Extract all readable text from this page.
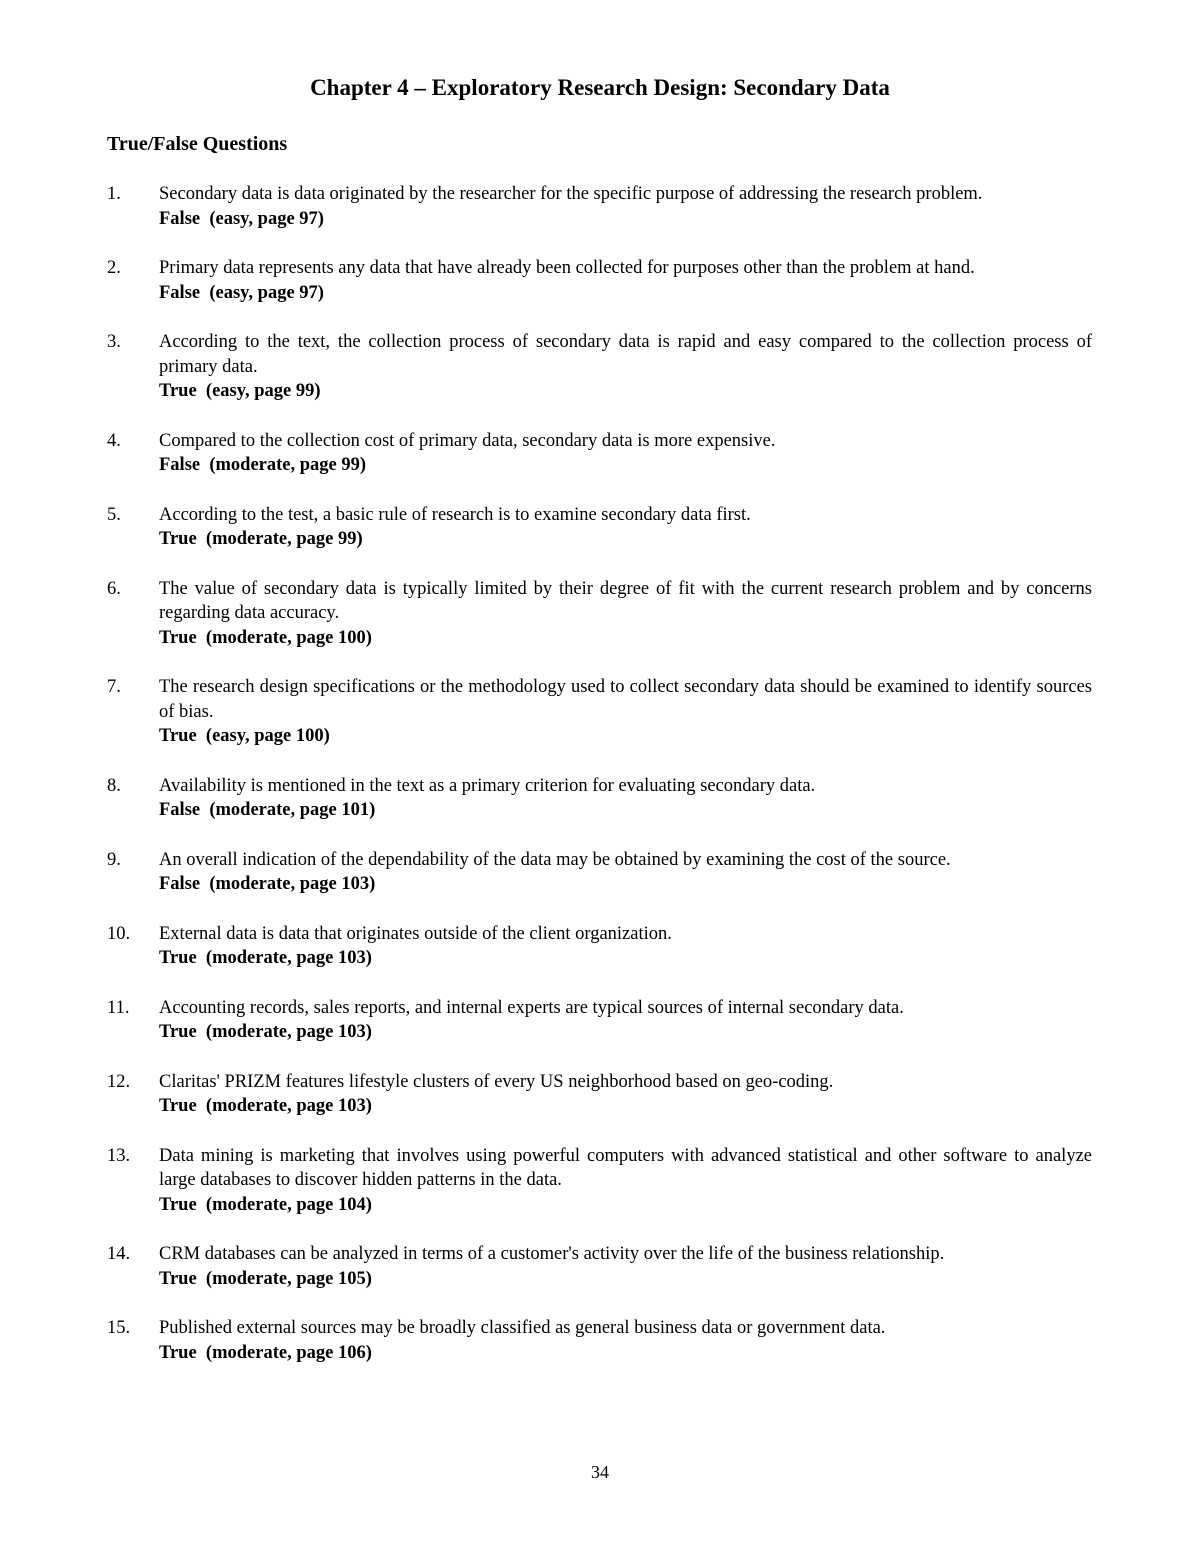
Chapter 4 – Exploratory Research Design: Secondary Data
True/False Questions
1.	Secondary data is data originated by the researcher for the specific purpose of addressing the research problem.
False  (easy, page 97)
2.	Primary data represents any data that have already been collected for purposes other than the problem at hand.
False  (easy, page 97)
3.	According to the text, the collection process of secondary data is rapid and easy compared to the collection process of primary data.
True  (easy, page 99)
4.	Compared to the collection cost of primary data, secondary data is more expensive.
False  (moderate, page 99)
5.	According to the test, a basic rule of research is to examine secondary data first.
True  (moderate, page 99)
6.	The value of secondary data is typically limited by their degree of fit with the current research problem and by concerns regarding data accuracy.
True  (moderate, page 100)
7.	The research design specifications or the methodology used to collect secondary data should be examined to identify sources of bias.
True  (easy, page 100)
8.	Availability is mentioned in the text as a primary criterion for evaluating secondary data.
False  (moderate, page 101)
9.	An overall indication of the dependability of the data may be obtained by examining the cost of the source.
False  (moderate, page 103)
10.	External data is data that originates outside of the client organization.
True  (moderate, page 103)
11.	Accounting records, sales reports, and internal experts are typical sources of internal secondary data.
True  (moderate, page 103)
12.	Claritas' PRIZM features lifestyle clusters of every US neighborhood based on geo-coding.
True  (moderate, page 103)
13.	Data mining is marketing that involves using powerful computers with advanced statistical and other software to analyze large databases to discover hidden patterns in the data.
True  (moderate, page 104)
14.	CRM databases can be analyzed in terms of a customer's activity over the life of the business relationship.
True  (moderate, page 105)
15.	Published external sources may be broadly classified as general business data or government data.
True  (moderate, page 106)
34
